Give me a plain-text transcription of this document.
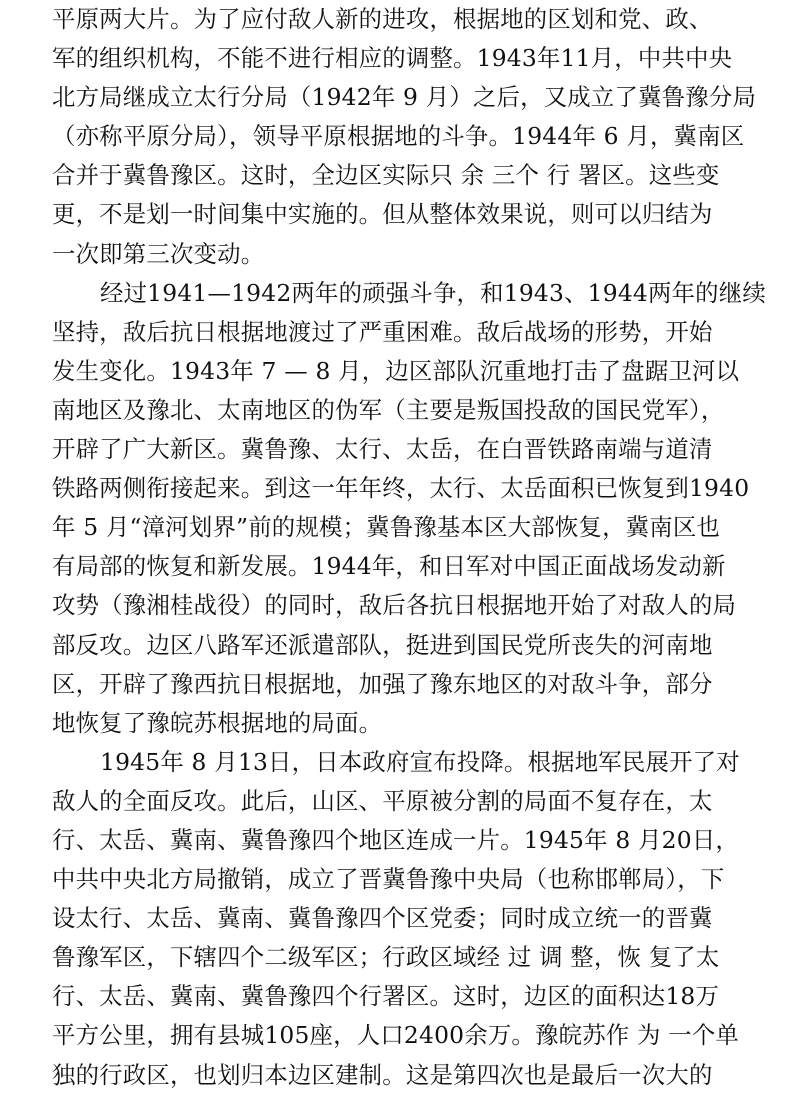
平原两大片。为了应付敌人新的进攻，根据地的区划和党、政、
军的组织机构，不能不进行相应的调整。1943年11月，中共中央
北方局继成立太行分局（1942年 9 月）之后，又成立了冀鲁豫分局
（亦称平原分局），领导平原根据地的斗争。1944年 6 月，冀南区
合并于冀鲁豫区。这时，全边区实际只 余 三个 行 署区。这些变
更，不是划一时间集中实施的。但从整体效果说，则可以归结为
一次即第三次变动。
经过1941—1942两年的顽强斗争，和1943、1944两年的继续
坚持，敌后抗日根据地渡过了严重困难。敌后战场的形势，开始
发生变化。1943年 7 — 8 月，边区部队沉重地打击了盘踞卫河以
南地区及豫北、太南地区的伪军（主要是叛国投敌的国民党军），
开辟了广大新区。冀鲁豫、太行、太岳，在白晋铁路南端与道清
铁路两侧衔接起来。到这一年年终，太行、太岳面积已恢复到1940
年 5 月“漳河划界”前的规模；冀鲁豫基本区大部恢复，冀南区也
有局部的恢复和新发展。1944年，和日军对中国正面战场发动新
攻势（豫湘桂战役）的同时，敌后各抗日根据地开始了对敌人的局
部反攻。边区八路军还派遣部队，挺进到国民党所丧失的河南地
区，开辟了豫西抗日根据地，加强了豫东地区的对敌斗争，部分
地恢复了豫皖苏根据地的局面。
1945年 8 月13日，日本政府宣布投降。根据地军民展开了对
敌人的全面反攻。此后，山区、平原被分割的局面不复存在，太
行、太岳、冀南、冀鲁豫四个地区连成一片。1945年 8 月20日，
中共中央北方局撤销，成立了晋冀鲁豫中央局（也称邯郸局），下
设太行、太岳、冀南、冀鲁豫四个区党委；同时成立统一的晋冀
鲁豫军区，下辖四个二级军区；行政区域经 过 调 整，恢 复了太
行、太岳、冀南、冀鲁豫四个行署区。这时，边区的面积达18万
平方公里，拥有县城105座，人口2400余万。豫皖苏作 为 一个单
独的行政区，也划归本边区建制。这是第四次也是最后一次大的
